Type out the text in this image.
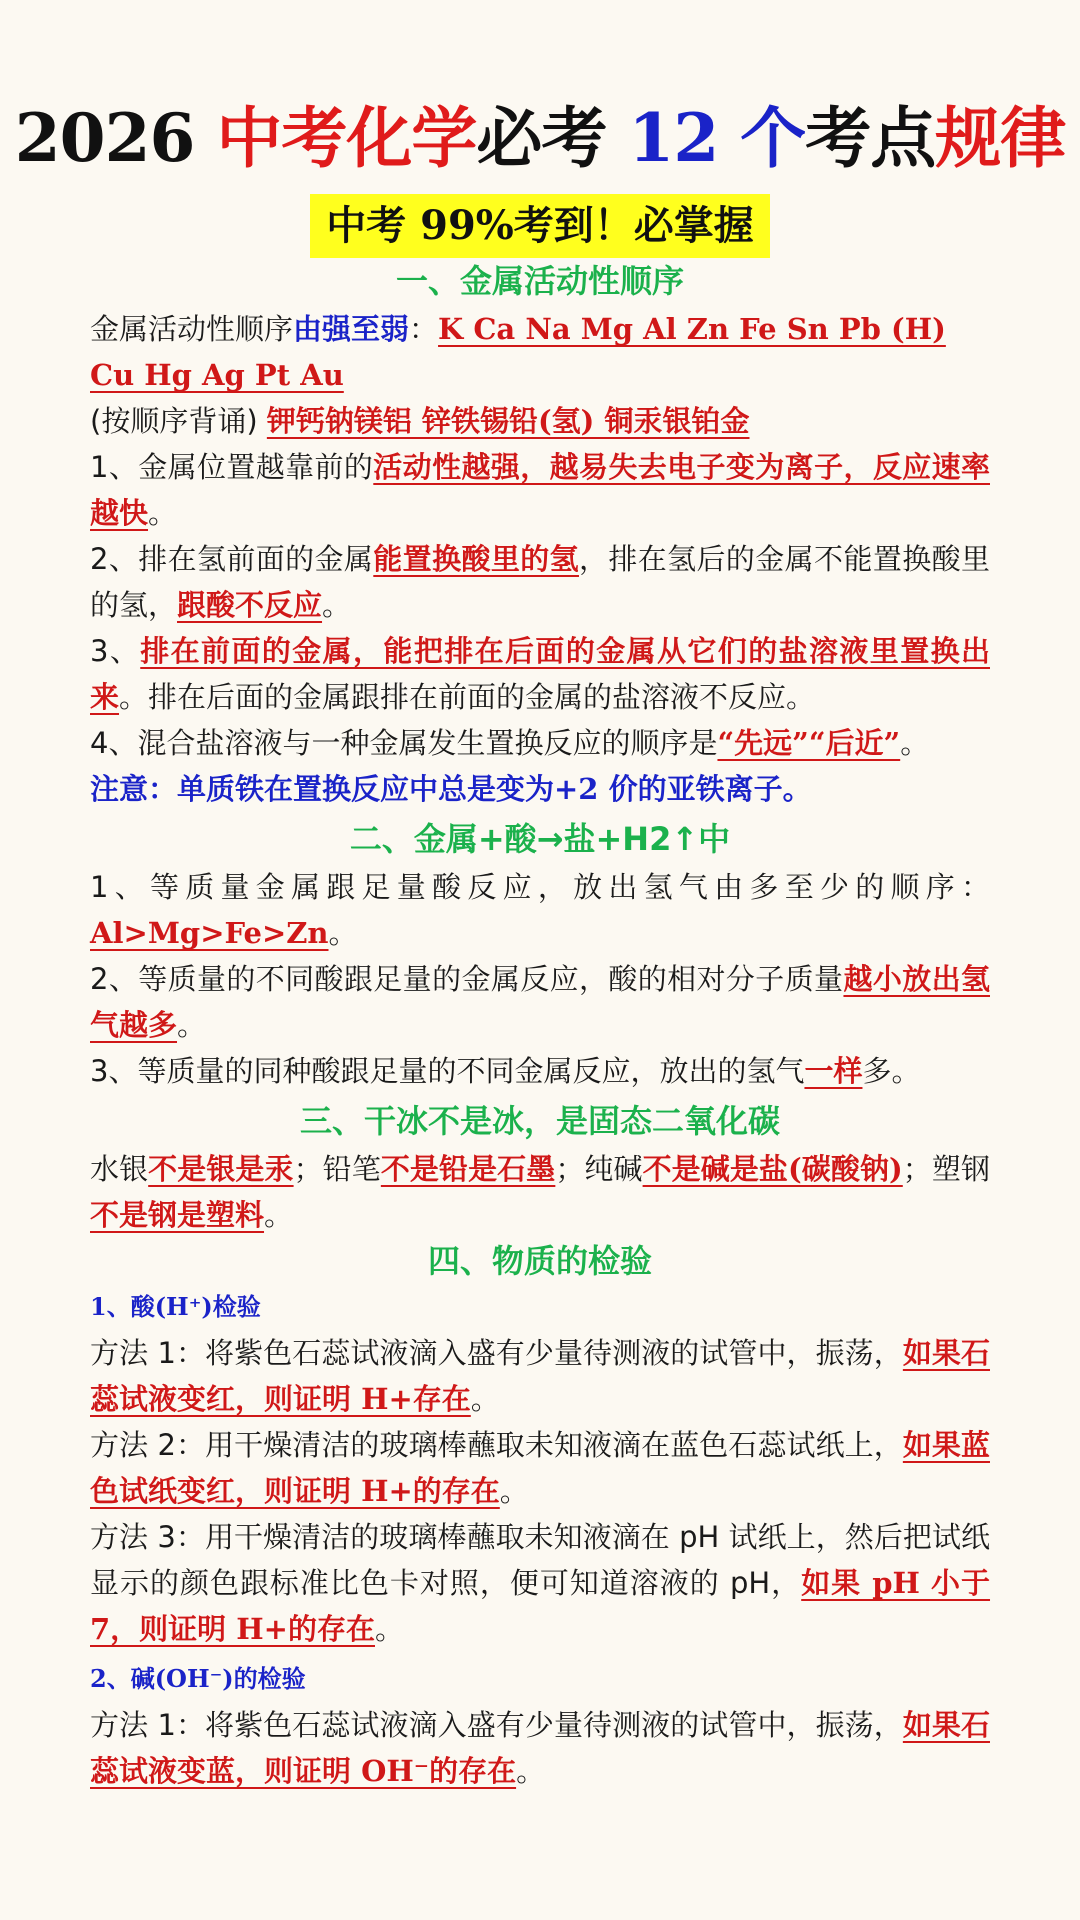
2026 中考化学必考 12 个考点规律
中考 99%考到！必掌握
一、金属活动性顺序
金属活动性顺序由强至弱：K Ca Na Mg Al Zn Fe Sn Pb (H) Cu Hg Ag Pt Au
(按顺序背诵) 钾钙钠镁铝 锌铁锡铅(氢) 铜汞银铂金
1、金属位置越靠前的活动性越强，越易失去电子变为离子，反应速率越快。
2、排在氢前面的金属能置换酸里的氢，排在氢后的金属不能置换酸里的氢，跟酸不反应。
3、排在前面的金属，能把排在后面的金属从它们的盐溶液里置换出来。排在后面的金属跟排在前面的金属的盐溶液不反应。
4、混合盐溶液与一种金属发生置换反应的顺序是“先远”“后近”。
注意：单质铁在置换反应中总是变为+2 价的亚铁离子。
二、金属+酸→盐+H2↑中
1、等质量金属跟足量酸反应，放出氢气由多至少的顺序：Al>Mg>Fe>Zn。
2、等质量的不同酸跟足量的金属反应，酸的相对分子质量越小放出氢气越多。
3、等质量的同种酸跟足量的不同金属反应，放出的氢气一样多。
三、干冰不是冰，是固态二氧化碳
水银不是银是汞；铅笔不是铅是石墨；纯碱不是碱是盐(碳酸钠)；塑钢不是钢是塑料。
四、物质的检验
1、酸(H⁺)检验
方法 1：将紫色石蕊试液滴入盛有少量待测液的试管中，振荡，如果石蕊试液变红，则证明 H+存在。
方法 2：用干燥清洁的玻璃棒蘸取未知液滴在蓝色石蕊试纸上，如果蓝色试纸变红，则证明 H+的存在。
方法 3：用干燥清洁的玻璃棒蘸取未知液滴在 pH 试纸上，然后把试纸显示的颜色跟标准比色卡对照，便可知道溶液的 pH，如果 pH 小于 7，则证明 H+的存在。
2、碱(OH⁻)的检验
方法 1：将紫色石蕊试液滴入盛有少量待测液的试管中，振荡，如果石蕊试液变蓝，则证明 OH⁻的存在。
